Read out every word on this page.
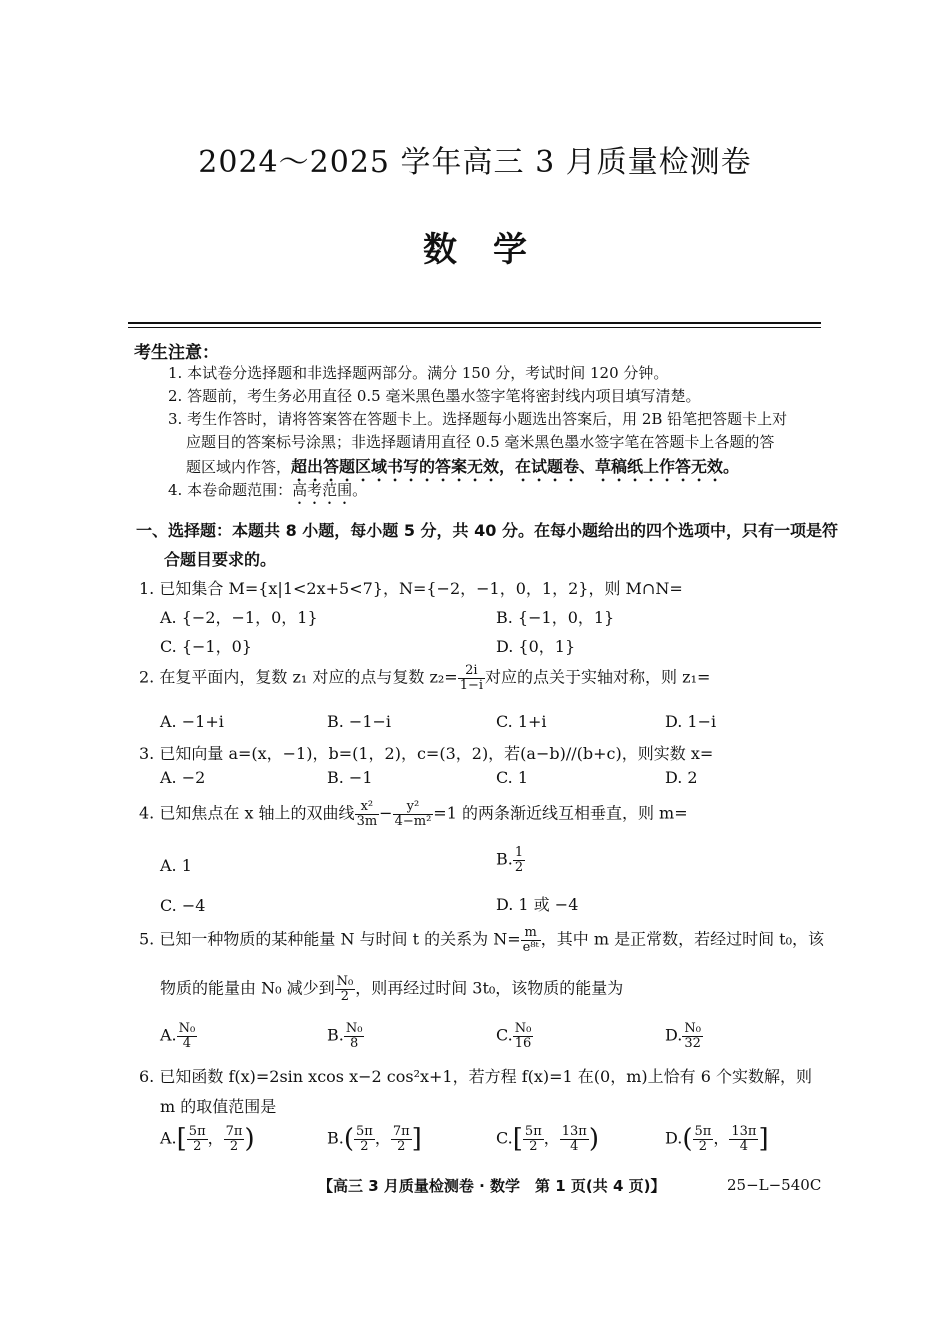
2024～2025 学年高三 3 月质量检测卷
数学
考生注意：
1. 本试卷分选择题和非选择题两部分。满分 150 分，考试时间 120 分钟。
2. 答题前，考生务必用直径 0.5 毫米黑色墨水签字笔将密封线内项目填写清楚。
3. 考生作答时，请将答案答在答题卡上。选择题每小题选出答案后，用 2B 铅笔把答题卡上对
应题目的答案标号涂黑；非选择题请用直径 0.5 毫米黑色墨水签字笔在答题卡上各题的答
题区域内作答，超出答题区域书写的答案无效，在试题卷、草稿纸上作答无效。
4. 本卷命题范围：高考范围。
一、选择题：本题共 8 小题，每小题 5 分，共 40 分。在每小题给出的四个选项中，只有一项是符
合题目要求的。
1. 已知集合 M={x|1<2x+5<7}，N={−2，−1，0，1，2}，则 M∩N=
A. {−2，−1，0，1}	B. {−1，0，1}
C. {−1，0}	D. {0，1}
2. 在复平面内，复数 z₁ 对应的点与复数 $z_2= \frac{2i}{1-i}$ 对应的点关于实轴对称，则 z₁=
A. −1+i	B. −1−i	C. 1+i	D. 1−i
3. 已知向量 a=(x，−1)，b=(1，2)，c=(3，2)，若(a−b)//(b+c)，则实数 x=
A. −2	B. −1	C. 1	D. 2
4. 已知焦点在 x 轴上的双曲线 $\frac{\text{x²}}{3m} - \frac{\text{y²}}{\text{4−m²}} =1$ 的两条渐近线互相垂直，则 m=
A. 1	B. $\frac{1}{2}$
C. −4	D. 1 或 −4
5. 已知一种物质的某种能量 N 与时间 t 的关系为 $N= \frac{m}{\text{e⁸ᵗ}}$ ，其中 m 是正常数，若经过时间 t₀，该
物质的能量由 N₀ 减少到 $\frac{\text{N₀}}{2}$ ，则再经过时间 3t₀，该物质的能量为
A. $\frac{\text{N₀}}{4}$	B. $\frac{\text{N₀}}{8}$	C. $\frac{\text{N₀}}{16}$	D. $\frac{\text{N₀}}{32}$
6. 已知函数 f(x)=2sin xcos x−2 cos²x+1，若方程 f(x)=1 在(0，m)上恰有 6 个实数解，则
m 的取值范围是
$A.[ \frac{5\pi}{2}$ ， $\frac{7\pi}{2}$ )	$B.( \frac{5\pi}{2}$ ， $\frac{7\pi}{2}$ ]	$C.[ \frac{5\pi}{2}$ ， $\frac{13\pi}{4}$ )	$D.( \frac{5\pi}{2}$ ， $\frac{13\pi}{4}$ ]
【高三 3 月质量检测卷 · 数学　第 1 页(共 4 页)】	25−L−540C
